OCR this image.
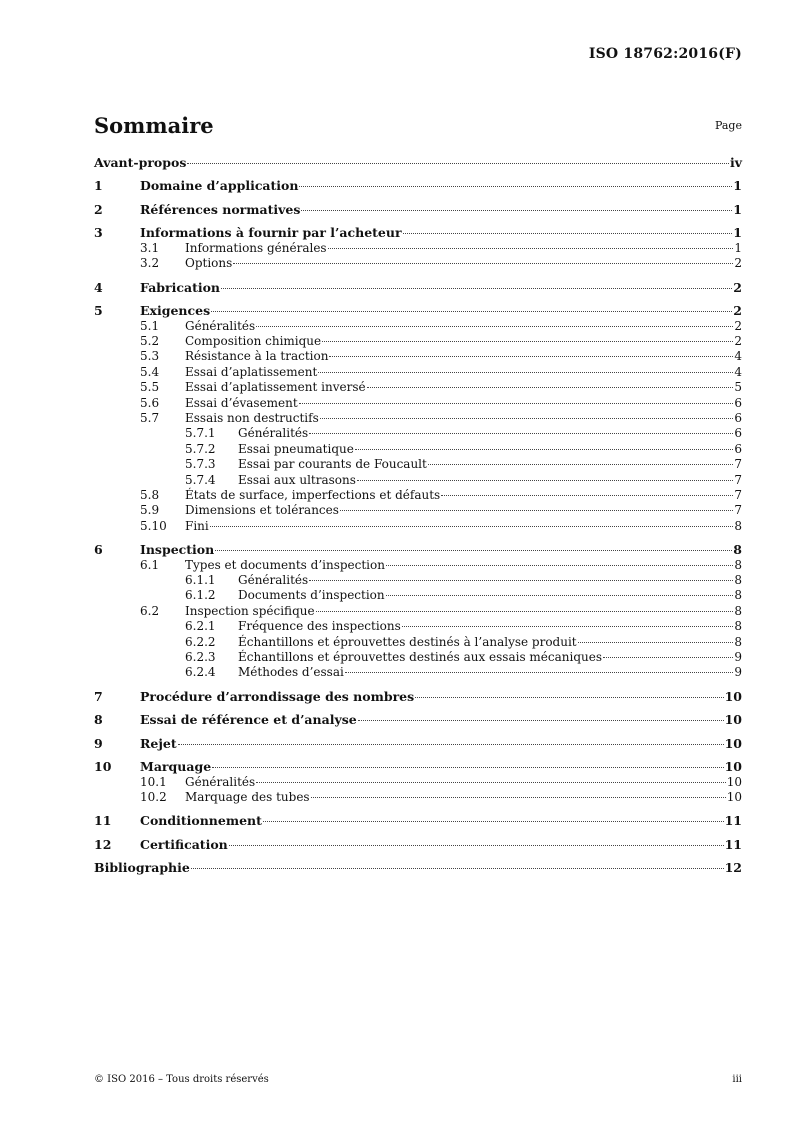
ISO 18762:2016(F)
Sommaire	Page
Avant-propos	iv
1	Domaine d’application	1
2	Références normatives	1
3	Informations à fournir par l’acheteur	1
3.1	Informations générales	1
3.2	Options	2
4	Fabrication	2
5	Exigences	2
5.1	Généralités	2
5.2	Composition chimique	2
5.3	Résistance à la traction	4
5.4	Essai d’aplatissement	4
5.5	Essai d’aplatissement inversé	5
5.6	Essai d’évasement	6
5.7	Essais non destructifs	6
5.7.1	Généralités	6
5.7.2	Essai pneumatique	6
5.7.3	Essai par courants de Foucault	7
5.7.4	Essai aux ultrasons	7
5.8	États de surface, imperfections et défauts	7
5.9	Dimensions et tolérances	7
5.10	Fini	8
6	Inspection	8
6.1	Types et documents d’inspection	8
6.1.1	Généralités	8
6.1.2	Documents d’inspection	8
6.2	Inspection spécifique	8
6.2.1	Fréquence des inspections	8
6.2.2	Échantillons et éprouvettes destinés à l’analyse produit	8
6.2.3	Échantillons et éprouvettes destinés aux essais mécaniques	9
6.2.4	Méthodes d’essai	9
7	Procédure d’arrondissage des nombres	10
8	Essai de référence et d’analyse	10
9	Rejet	10
10	Marquage	10
10.1	Généralités	10
10.2	Marquage des tubes	10
11	Conditionnement	11
12	Certification	11
Bibliographie	12
© ISO 2016 – Tous droits réservés	iii
